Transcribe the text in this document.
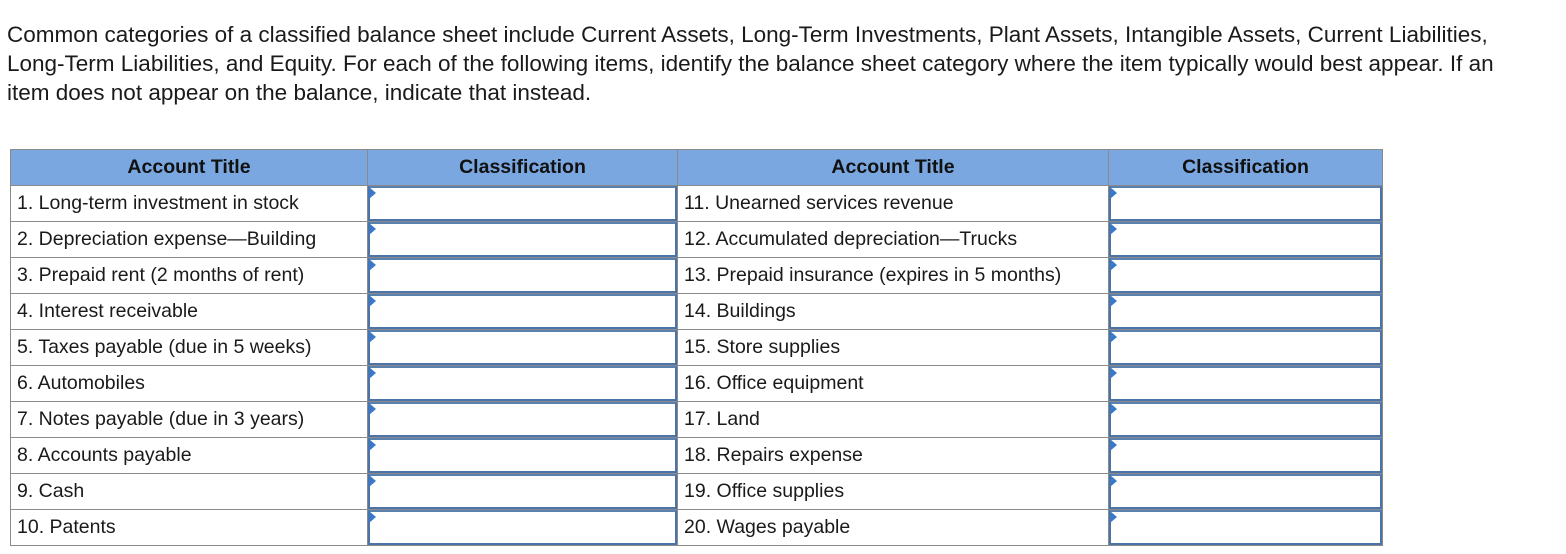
Common categories of a classified balance sheet include Current Assets, Long-Term Investments, Plant Assets, Intangible Assets, Current Liabilities, Long-Term Liabilities, and Equity. For each of the following items, identify the balance sheet category where the item typically would best appear. If an item does not appear on the balance, indicate that instead.

Account Title	Classification	Account Title	Classification
1. Long-term investment in stock		11. Unearned services revenue	

2. Depreciation expense—Building		12. Accumulated depreciation—Trucks	

3. Prepaid rent (2 months of rent)		13. Prepaid insurance (expires in 5 months)	

4. Interest receivable		14. Buildings	

5. Taxes payable (due in 5 weeks)		15. Store supplies	

6. Automobiles		16. Office equipment	

7. Notes payable (due in 3 years)		17. Land	

8. Accounts payable		18. Repairs expense	

9. Cash		19. Office supplies	

10. Patents		20. Wages payable	
